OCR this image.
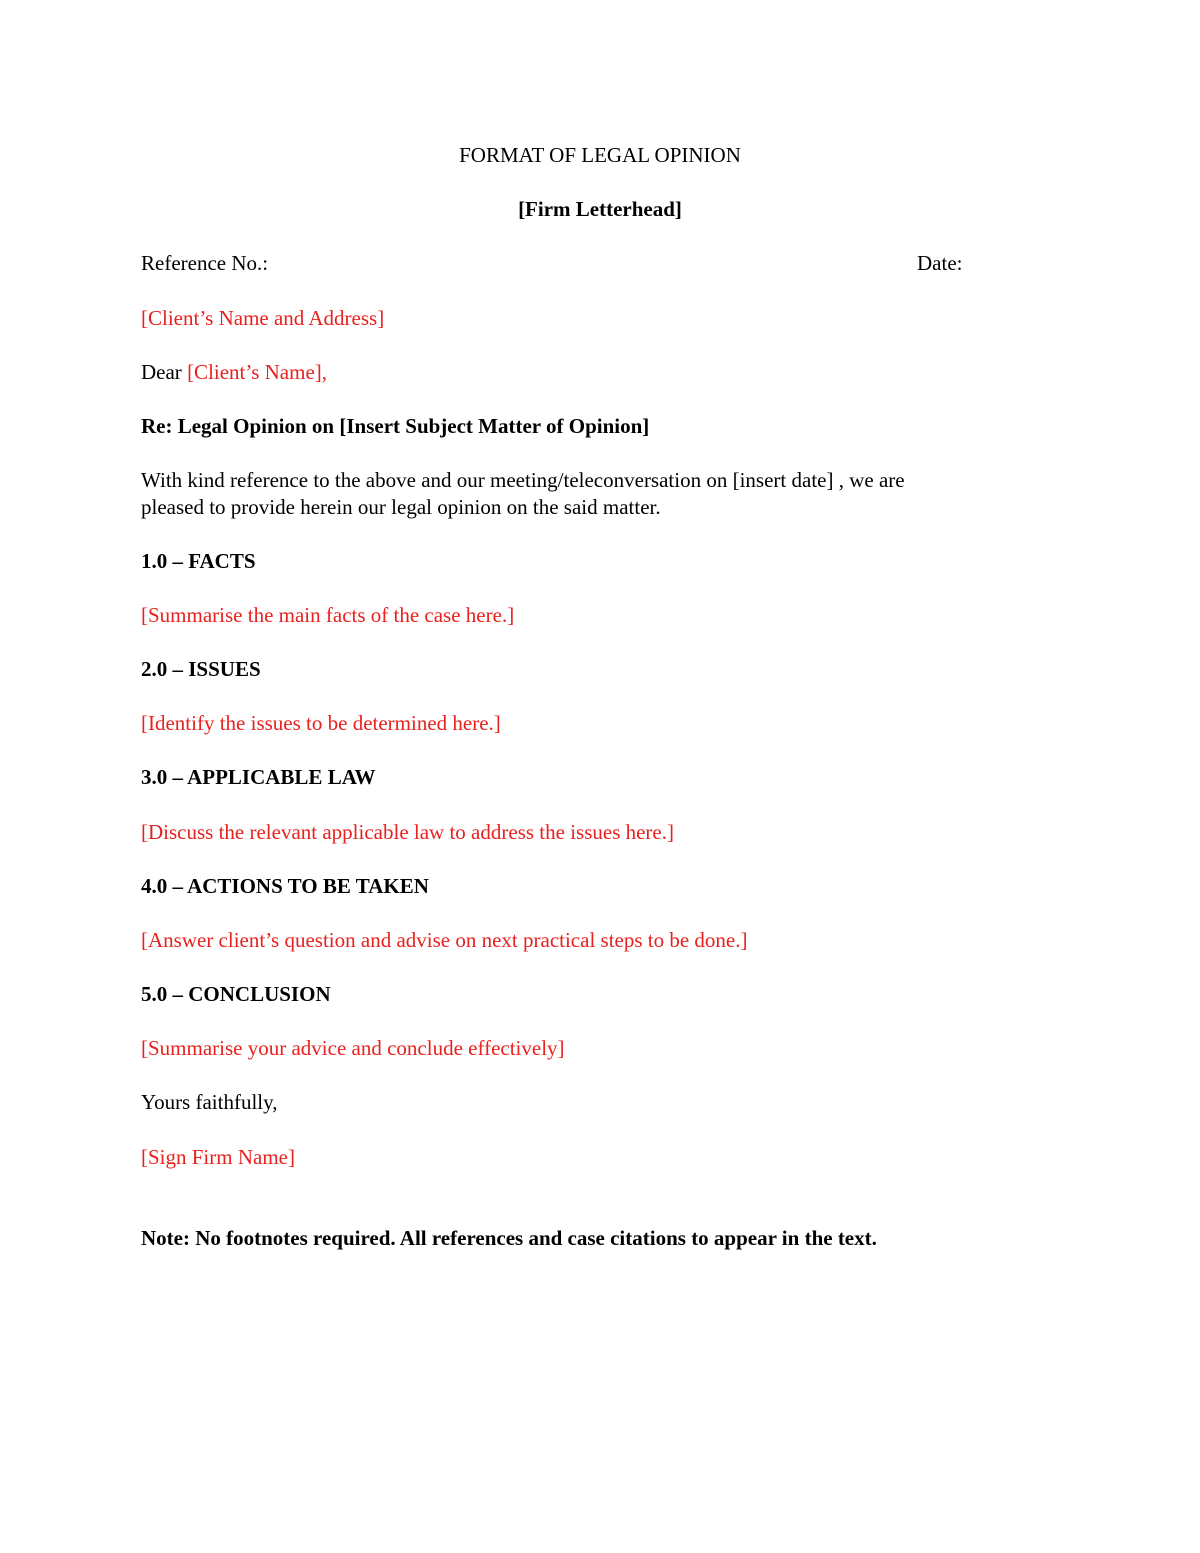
FORMAT OF LEGAL OPINION
[Firm Letterhead]
Reference No.:	Date:
[Client’s Name and Address]
Dear [Client’s Name],
Re: Legal Opinion on [Insert Subject Matter of Opinion]
With kind reference to the above and our meeting/teleconversation on [insert date] , we are
pleased to provide herein our legal opinion on the said matter.
1.0 – FACTS
[Summarise the main facts of the case here.]
2.0 – ISSUES
[Identify the issues to be determined here.]
3.0 – APPLICABLE LAW
[Discuss the relevant applicable law to address the issues here.]
4.0 – ACTIONS TO BE TAKEN
[Answer client’s question and advise on next practical steps to be done.]
5.0 – CONCLUSION
[Summarise your advice and conclude effectively]
Yours faithfully,
[Sign Firm Name]
Note: No footnotes required. All references and case citations to appear in the text.
